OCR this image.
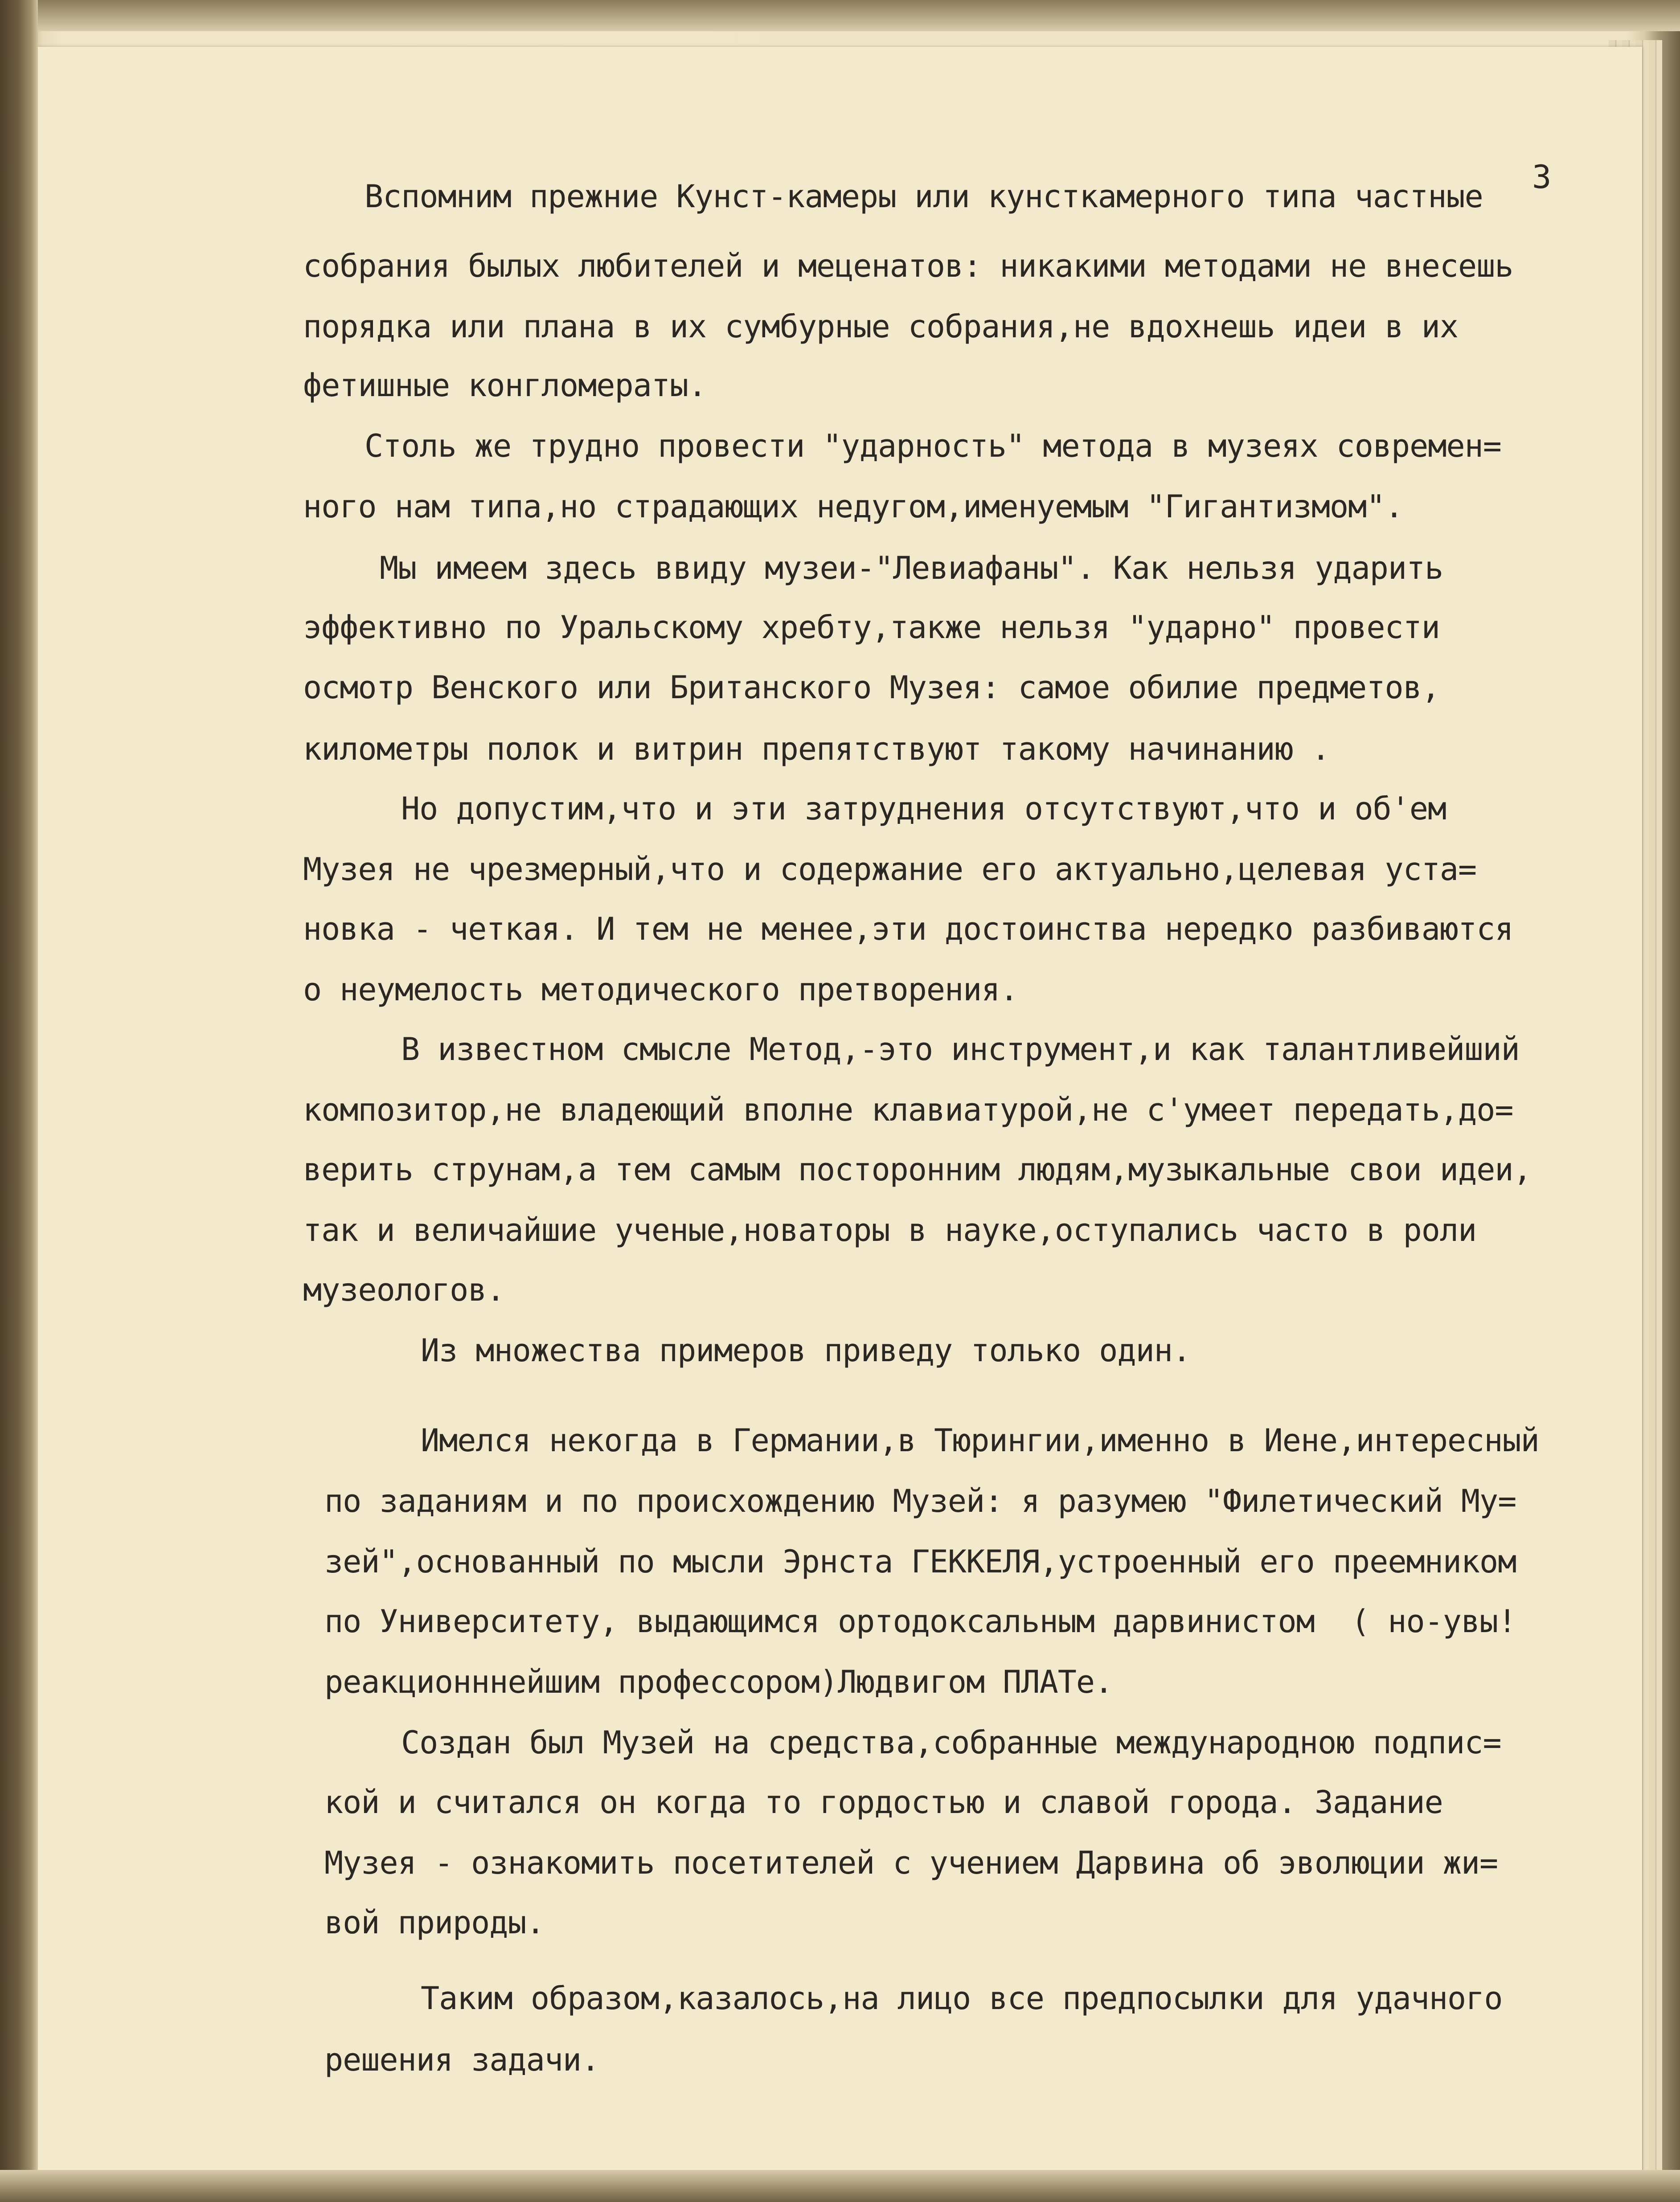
3

Вспомним прежние Кунст-камеры или кунсткамерного типа частные

собрания былых любителей и меценатов: никакими методами не внесешь

порядка или плана в их сумбурные собрания,не вдохнешь идеи в их

фетишные конгломераты.

Столь же трудно провести "ударность" метода в музеях современ=

ного нам типа,но страдающих недугом,именуемым "Гигантизмом".

Мы имеем здесь ввиду музеи-"Левиафаны". Как нельзя ударить

эффективно по Уральскому хребту,также нельзя "ударно" провести

осмотр Венского или Британского Музея: самое обилие предметов,

километры полок и витрин препятствуют такому начинанию .

Но допустим,что и эти затруднения отсутствуют,что и об'ем

Музея не чрезмерный,что и содержание его актуально,целевая уста=

новка - четкая. И тем не менее,эти достоинства нередко разбиваются

о неумелость методического претворения.

В известном смысле Метод,-это инструмент,и как талантливейший

композитор,не владеющий вполне клавиатурой,не с'умеет передать,до=

верить струнам,а тем самым посторонним людям,музыкальные свои идеи,

так и величайшие ученые,новаторы в науке,оступались часто в роли

музеологов.

Из множества примеров приведу только один.

Имелся некогда в Германии,в Тюрингии,именно в Иене,интересный

по заданиям и по происхождению Музей: я разумею "Филетический Му=

зей",основанный по мысли Эрнста ГЕККЕЛЯ,устроенный его преемником

по Университету, выдающимся ортодоксальным дарвинистом  ( но-увы!

реакционннейшим профессором)Людвигом ПЛАТе.

Создан был Музей на средства,собранные международною подпис=

кой и считался он когда то гордостью и славой города. Задание

Музея - ознакомить посетителей с учением Дарвина об эволюции жи=

вой природы.

Таким образом,казалось,на лицо все предпосылки для удачного

решения задачи.
